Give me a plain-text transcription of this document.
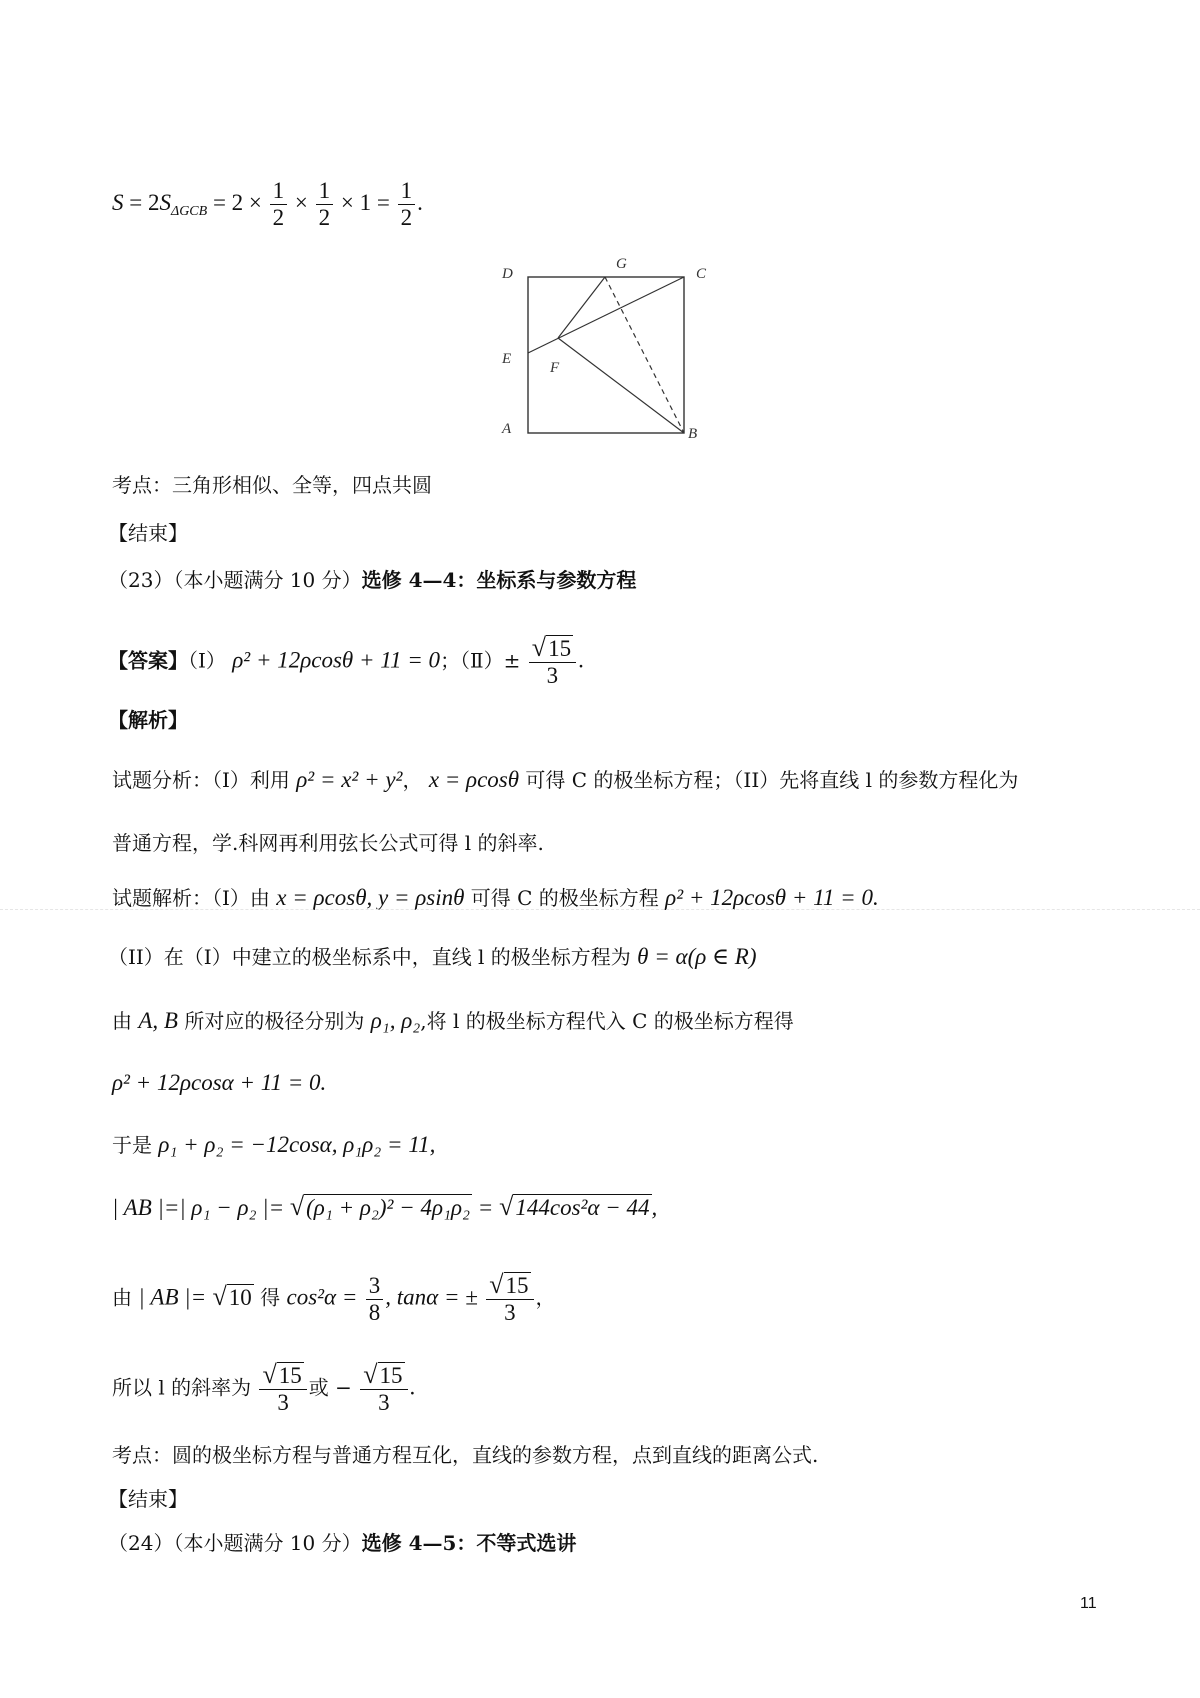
$S = 2S_{\Delta GCB} = 2 \times \frac{1}{2} \times \frac{1}{2} \times 1 = \frac{1}{2}$ .
D
G
C
E
F
A	B
考点：三角形相似、全等，四点共圆
【结束】
（23）（本小题满分 10 分）选修 4—4：坐标系与参数方程
【答案】（Ⅰ） ρ² + 12ρcosθ + 11 = 0；（Ⅱ）± $\frac{√15}{3}$ .
【解析】
试题分析：（I）利用 ρ² = x² + y²， x = ρcosθ 可得 C 的极坐标方程；（II）先将直线 l 的参数方程化为
普通方程，学.科网再利用弦长公式可得 l 的斜率.
试题解析：（I）由 x = ρcosθ, y = ρsinθ 可得 C 的极坐标方程 ρ² + 12ρcosθ + 11 = 0.
（II）在（I）中建立的极坐标系中，直线 l 的极坐标方程为 θ = α(ρ ∈ R)
由 A, B 所对应的极径分别为 ρ₁, ρ₂,将 l 的极坐标方程代入 C 的极坐标方程得
ρ² + 12ρcosα + 11 = 0.
于是 ρ₁ + ρ₂ = −12cosα, ρ₁ρ₂ = 11,
| AB |=| ρ₁ − ρ₂ |= √(ρ₁ + ρ₂)² − 4ρ₁ρ₂ = √144cos²α − 44,
由 | AB |= √10 得 $\cos^2\alpha = \frac{3}{8}$ , tanα = ± $\frac{√15}{3}$ ，
所以 l 的斜率为 $\frac{√15}{3}$ 或 − $\frac{√15}{3}$ .
考点：圆的极坐标方程与普通方程互化，直线的参数方程，点到直线的距离公式.
【结束】
（24）（本小题满分 10 分）选修 4—5：不等式选讲
11
